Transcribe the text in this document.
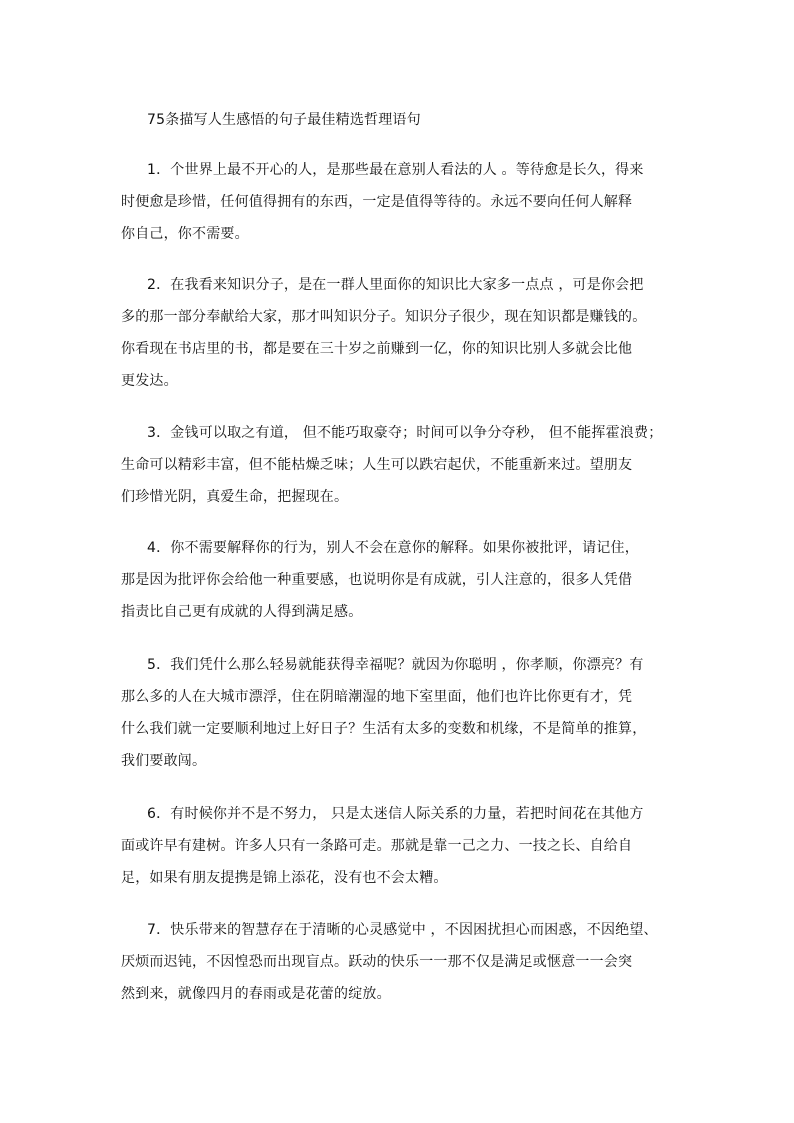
75条描写人生感悟的句子最佳精选哲理语句
1．个世界上最不开心的人，是那些最在意别人看法的人 。等待愈是长久，得来
时便愈是珍惜，任何值得拥有的东西，一定是值得等待的。永远不要向任何人解释
你自己，你不需要。
2．在我看来知识分子，是在一群人里面你的知识比大家多一点点 ，可是你会把
多的那一部分奉献给大家，那才叫知识分子。知识分子很少，现在知识都是赚钱的。
你看现在书店里的书，都是要在三十岁之前赚到一亿，你的知识比别人多就会比他
更发达。
3．金钱可以取之有道， 但不能巧取豪夺；时间可以争分夺秒， 但不能挥霍浪费；
生命可以精彩丰富，但不能枯燥乏味；人生可以跌宕起伏，不能重新来过。望朋友
们珍惜光阴，真爱生命，把握现在。
4．你不需要解释你的行为，别人不会在意你的解释。如果你被批评，请记住，
那是因为批评你会给他一种重要感，也说明你是有成就，引人注意的，很多人凭借
指责比自己更有成就的人得到满足感。
5．我们凭什么那么轻易就能获得幸福呢？就因为你聪明 ，你孝顺，你漂亮？有
那么多的人在大城市漂浮，住在阴暗潮湿的地下室里面，他们也许比你更有才，凭
什么我们就一定要顺利地过上好日子？生活有太多的变数和机缘，不是简单的推算，
我们要敢闯。
6．有时候你并不是不努力， 只是太迷信人际关系的力量，若把时间花在其他方
面或许早有建树。许多人只有一条路可走。那就是靠一己之力、一技之长、自给自
足，如果有朋友提携是锦上添花，没有也不会太糟。
7．快乐带来的智慧存在于清晰的心灵感觉中 ，不因困扰担心而困惑，不因绝望、
厌烦而迟钝，不因惶恐而出现盲点。跃动的快乐一一那不仅是满足或惬意一一会突
然到来，就像四月的春雨或是花蕾的绽放。
